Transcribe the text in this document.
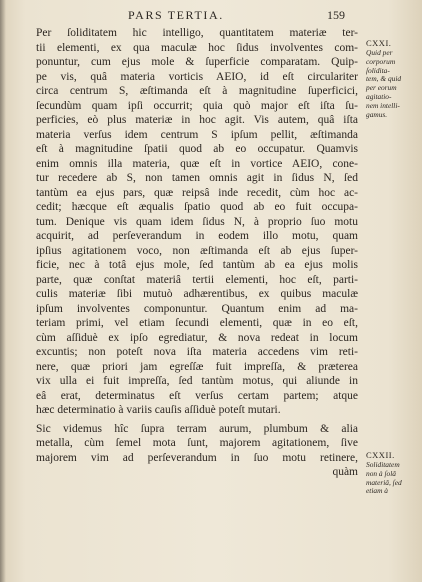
PARS TERTIA.	159
Per ſoliditatem hic intelligo, quantitatem materiæ ter-
tii elementi, ex qua maculæ hoc ſidus involventes com-
ponuntur, cum ejus mole & ſuperficie comparatam. Quip-
pe vis, quâ materia vorticis AEIO, id eſt circulariter
circa centrum S, æſtimanda eſt à magnitudine ſuperficici,
ſecundùm quam ipſi occurrit; quia quò major eſt iſta ſu-
perficies, eò plus materiæ in hoc agit. Vis autem, quâ iſta
materia verſus idem centrum S ipſum pellit, æſtimanda
eſt à magnitudine ſpatii quod ab eo occupatur. Quamvis
enim omnis illa materia, quæ eſt in vortice AEIO, cone-
tur recedere ab S, non tamen omnis agit in ſidus N, ſed
tantùm ea ejus pars, quæ reipsâ inde recedit, cùm hoc ac-
cedit; hæcque eſt æqualis ſpatio quod ab eo fuit occupa-
tum. Denique vis quam idem ſidus N, à proprio ſuo motu
acquirit, ad perſeverandum in eodem illo motu, quam
ipſius agitationem voco, non æſtimanda eſt ab ejus ſuper-
ficie, nec à totâ ejus mole, ſed tantùm ab ea ejus molis
parte, quæ conſtat materiâ tertii elementi, hoc eſt, parti-
culis materiæ ſibi mutuò adhærentibus, ex quibus maculæ
ipſum involventes componuntur. Quantum enim ad ma-
teriam primi, vel etiam ſecundi elementi, quæ in eo eſt,
cùm aſſiduè ex ipſo egrediatur, & nova redeat in locum
excuntis; non poteſt nova iſta materia accedens vim reti-
nere, quæ priori jam egreſſæ fuit impreſſa, & præterea
vix ulla ei fuit impreſſa, ſed tantùm motus, qui aliunde in
eâ erat, determinatus eſt verſus certam partem; atque
hæc determinatio à variis cauſis aſſiduè poteſt mutari.
Sic videmus hîc ſupra terram aurum, plumbum & alia
metalla, cùm ſemel mota ſunt, majorem agitationem, ſive
majorem vim ad perſeverandum in ſuo motu retinere,
quàm
CXXI.
Quid per
corporum
ſolidita-
tem, & quid
per eorum
agitatio-
nem intelli-
gamus.
CXXII.
Soliditatem
non à ſolâ
materiâ, ſed
etiam à
